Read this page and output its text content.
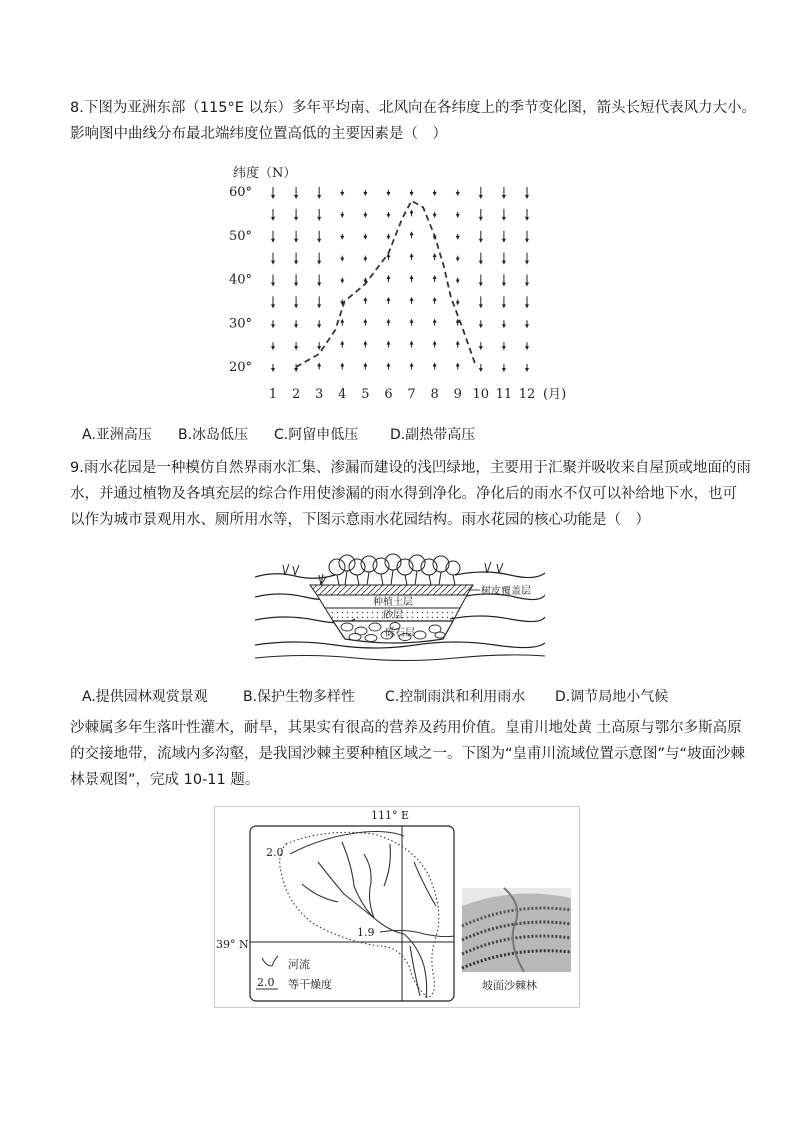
8.下图为亚洲东部（115°E 以东）多年平均南、北风向在各纬度上的季节变化图，箭头长短代表风力大小。
影响图中曲线分布最北端纬度位置高低的主要因素是（　）
纬度（N）
20°
30°
40°
50°
60°
1 2 3 4 5 6 7 8 9 10 11 12 (月)
A.亚洲高压 B.冰岛低压 C.阿留申低压 D.副热带高压
9.雨水花园是一种模仿自然界雨水汇集、渗漏而建设的浅凹绿地，主要用于汇聚并吸收来自屋顶或地面的雨
水，并通过植物及各填充层的综合作用使渗漏的雨水得到净化。净化后的雨水不仅可以补给地下水，也可
以作为城市景观用水、厕所用水等，下图示意雨水花园结构。雨水花园的核心功能是（　）
树皮覆盖层
种植土层
砂层
砾石层
A.提供园林观赏景观	B.保护生物多样性 C.控制雨洪和利用雨水 D.调节局地小气候
沙棘属多年生落叶性灌木，耐旱，其果实有很高的营养及药用价值。皇甫川地处黄 土高原与鄂尔多斯高原
的交接地带，流域内多沟壑，是我国沙棘主要种植区域之一。下图为“皇甫川流域位置示意图”与“坡面沙棘
林景观图”，完成 10-11 题。
111° E
39° N
2.0
1.9
河流
2.0 等干燥度	坡面沙棘林
